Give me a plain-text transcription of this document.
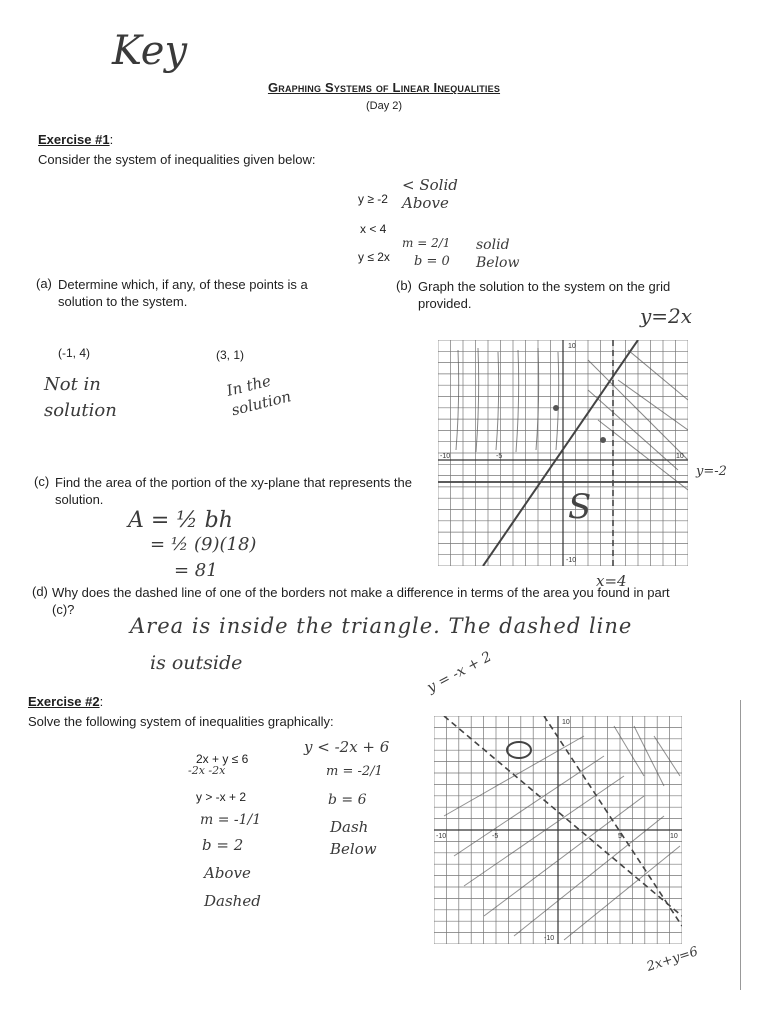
Key
Graphing Systems of Linear Inequalities
(Day 2)
Exercise #1:
Consider the system of inequalities given below:
y ≥ -2
x < 4
y ≤ 2x
< Solid Above
m = 2/1
b = 0
solid Below
(a) Determine which, if any, of these points is a solution to the system.
(-1, 4)	(3, 1)
Not in solution
In the solution
(b) Graph the solution to the system on the grid provided.
S
10
-10	-5	10
-10
y=2x
y=-2
x=4
(c) Find the area of the portion of the xy-plane that represents the solution.
A = ½ bh
= ½ (9)(18)
= 81
(d) Why does the dashed line of one of the borders not make a difference in terms of the area you found in part (c)?
Area is inside the triangle. The dashed line
is outside
Exercise #2:
Solve the following system of inequalities graphically:
2x + y ≤ 6
-2x -2x
y > -x + 2
m = -1/1
b = 2
Above
Dashed
y < -2x + 6
m = -2/1
b = 6
Dash
Below
10
-10	-5	5	10
-10
y = -x + 2
2x+y=6
